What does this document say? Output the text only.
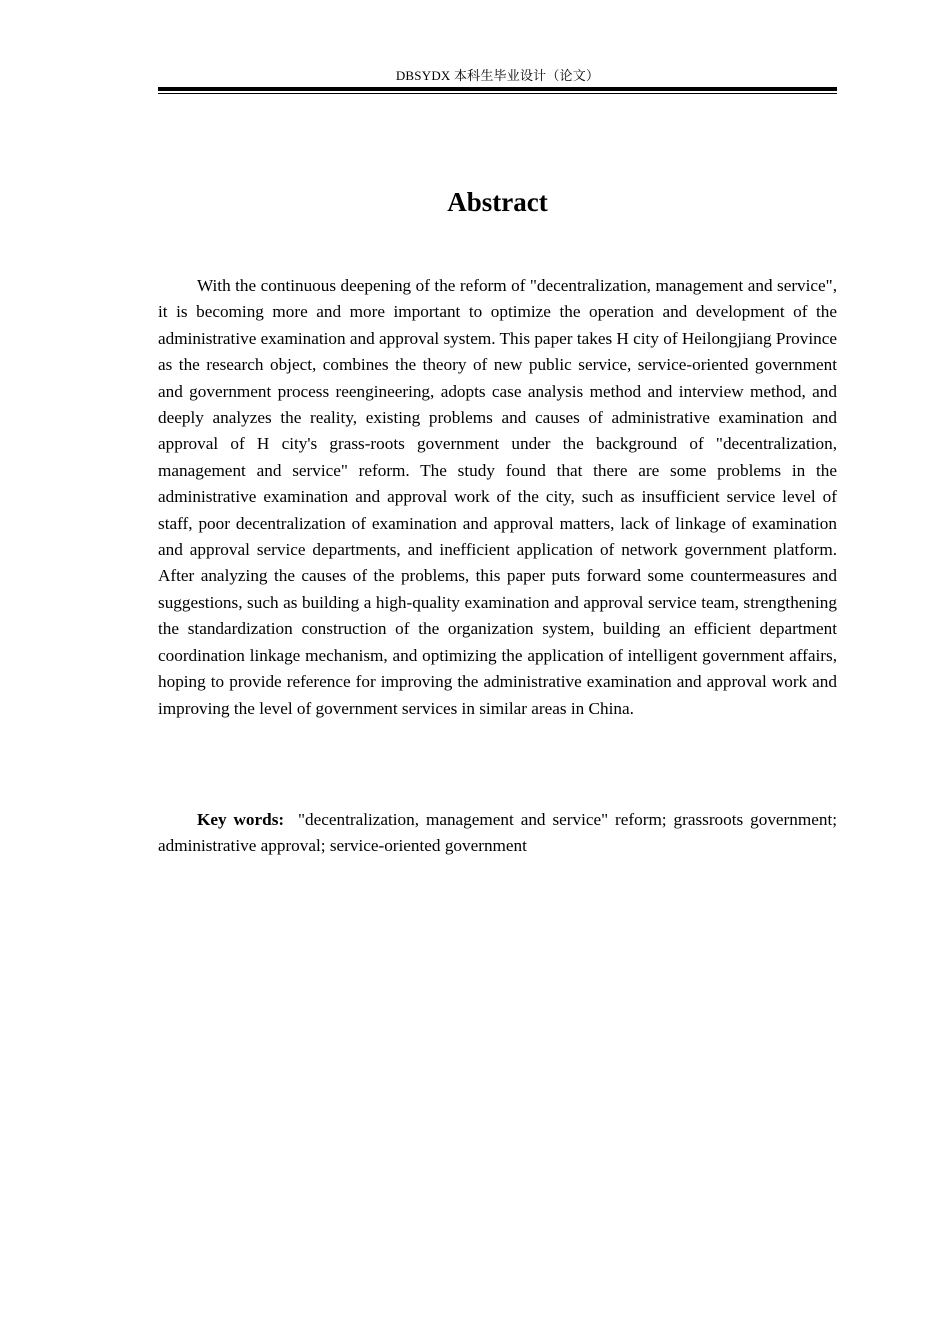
DBSYDX 本科生毕业设计（论文）
Abstract

With the continuous deepening of the reform of "decentralization, management and service", it is becoming more and more important to optimize the operation and development of the administrative examination and approval system. This paper takes H city of Heilongjiang Province as the research object, combines the theory of new public service, service-oriented government and government process reengineering, adopts case analysis method and interview method, and deeply analyzes the reality, existing problems and causes of administrative examination and approval of H city's grass-roots government under the background of "decentralization, management and service" reform. The study found that there are some problems in the administrative examination and approval work of the city, such as insufficient service level of staff, poor decentralization of examination and approval matters, lack of linkage of examination and approval service departments, and inefficient application of network government platform. After analyzing the causes of the problems, this paper puts forward some countermeasures and suggestions, such as building a high-quality examination and approval service team, strengthening the standardization construction of the organization system, building an efficient department coordination linkage mechanism, and optimizing the application of intelligent government affairs, hoping to provide reference for improving the administrative examination and approval work and improving the level of government services in similar areas in China.

Key words: "decentralization, management and service" reform; grassroots government; administrative approval; service-oriented government
